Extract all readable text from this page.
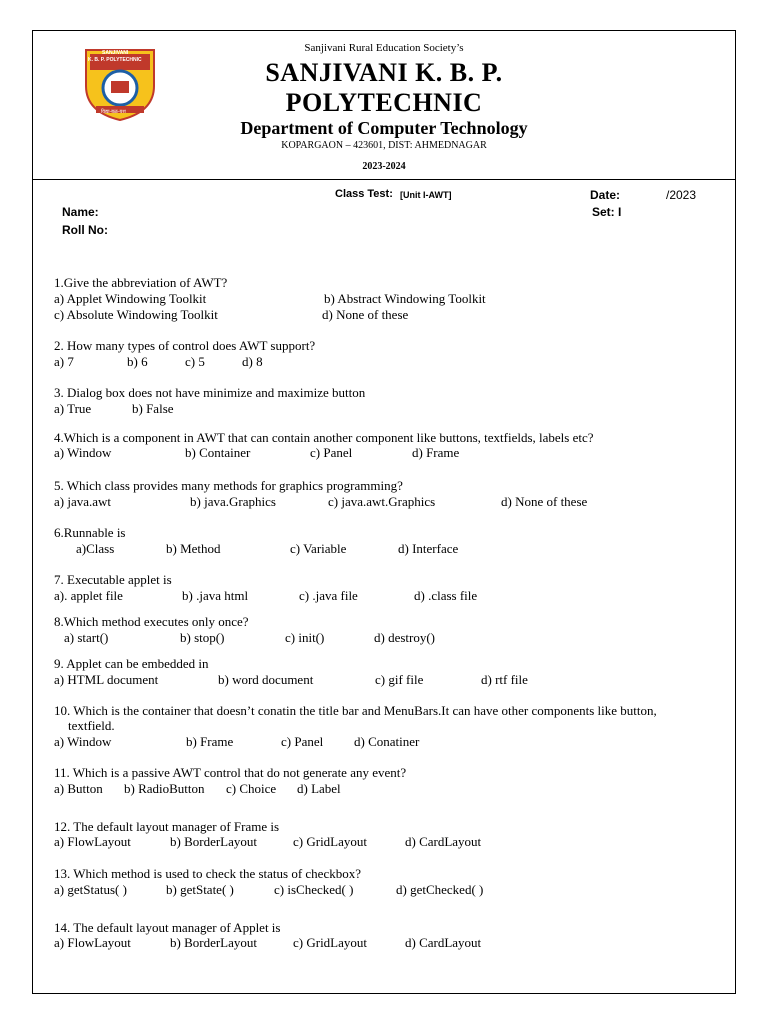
SANJIVANI
K. B. P. POLYTECHNIC
विद्या-बळ-यश
Sanjivani Rural Education Society’s
SANJIVANI K. B. P.
POLYTECHNIC
Department of Computer Technology
KOPARGAON – 423601, DIST: AHMEDNAGAR
2023-2024
Class Test: [Unit I-AWT]	Date:	/2023
Name:	Set: I
Roll No:
1.Give the abbreviation of AWT?
a) Applet Windowing Toolkit	b) Abstract Windowing Toolkit
c) Absolute Windowing Toolkit	d) None of these
2. How many types of control does AWT support?
a) 7	b) 6	c) 5	d) 8
3. Dialog box does not have minimize and maximize button
a) True	b) False
4.Which is a component in AWT that can contain another component like buttons, textfields, labels etc?
a) Window	b) Container	c) Panel	d) Frame
5. Which class provides many methods for graphics programming?
a) java.awt	b) java.Graphics	c) java.awt.Graphics	d) None of these
6.Runnable is
a)Class	b) Method	c) Variable	d) Interface
7. Executable applet is
a). applet file	b) .java html	c) .java file	d) .class file
8.Which method executes only once?
a) start()	b) stop()	c) init()	d) destroy()
9. Applet can be embedded in
a) HTML document	b) word document	c) gif file	d) rtf file
10. Which is the container that doesn’t conatin the title bar and MenuBars.It can have other components like button,
textfield.
a) Window	b) Frame	c) Panel d) Conatiner
11. Which is a passive AWT control that do not generate any event?
a) Button b) RadioButton c) Choice d) Label
12. The default layout manager of Frame is
a) FlowLayout	b) BorderLayout	c) GridLayout	d) CardLayout
13. Which method is used to check the status of checkbox?
a) getStatus( )	b) getState( )	c) isChecked( )	d) getChecked( )
14. The default layout manager of Applet is
a) FlowLayout	b) BorderLayout	c) GridLayout	d) CardLayout
